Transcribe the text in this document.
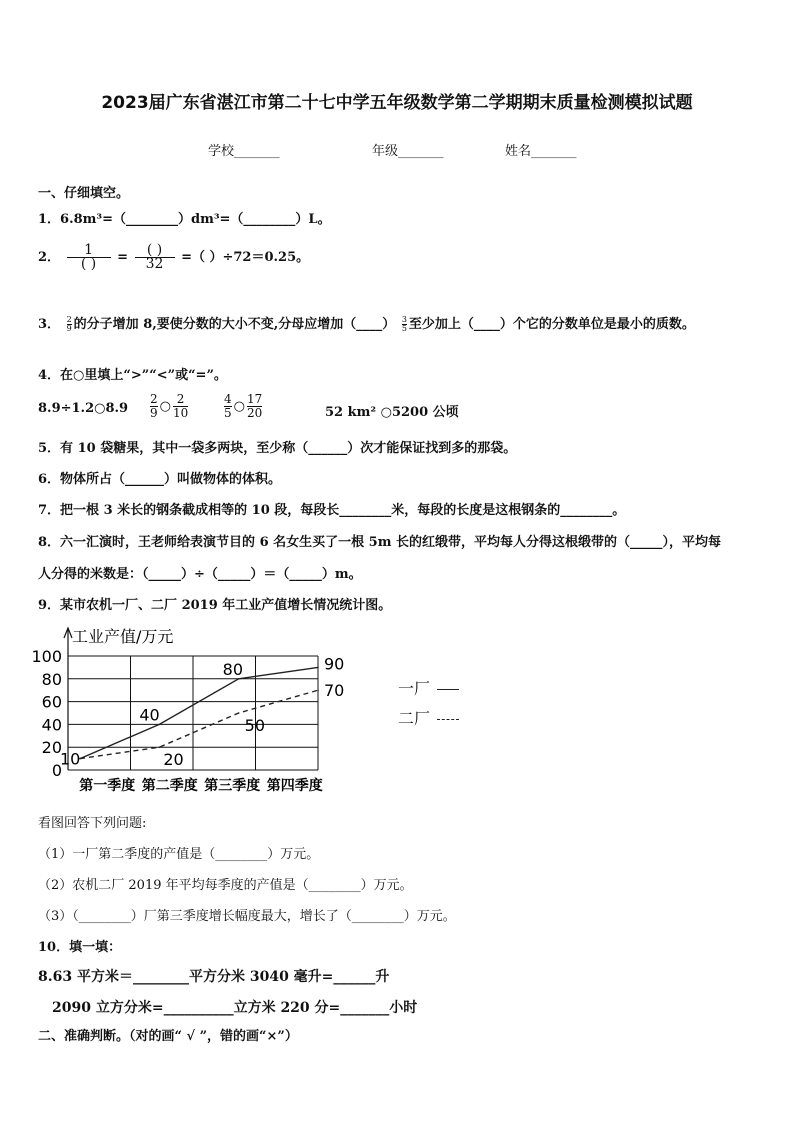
2023届广东省湛江市第二十七中学五年级数学第二学期期末质量检测模拟试题
学校_______	年级_______	姓名_______
一、仔细填空。
1．6.8m³=（________）dm³=（________）L。
2． $\frac{1}{( )} = \frac{( )}{32}$ =（ ）÷72＝0.25。
3． $\frac{2}{9}$ 的分子增加 8,要使分数的大小不变,分母应增加（____） $\frac{3}{5}$ 至少加上（____）个它的分数单位是最小的质数。
4．在○里填上“>”“<”或“=”。
8.9÷1.2○8.9 $\frac{2}{9}$ ○ $\frac{2}{10}$	$\frac{4}{5}$ ○ $\frac{17}{20}$	52 km² ○5200 公顷
5．有 10 袋糖果，其中一袋多两块，至少称（______）次才能保证找到多的那袋。
6．物体所占（______）叫做物体的体积。
7．把一根 3 米长的钢条截成相等的 10 段，每段长________米，每段的长度是这根钢条的________。
8．六一汇演时，王老师给表演节目的 6 名女生买了一根 5m 长的红缎带，平均每人分得这根缎带的（_____），平均每
人分得的米数是：（_____）÷（_____）＝（_____）m。
9．某市农机一厂、二厂 2019 年工业产值增长情况统计图。
0
20
40
60
80
100
工业产值/万元
第一季度 第二季度 第三季度 第四季度
10
40
80	90
20
50
70	一厂
二厂
看图回答下列问题:
（1）一厂第二季度的产值是（________）万元。
（2）农机二厂 2019 年平均每季度的产值是（________）万元。
（3）（________）厂第三季度增长幅度最大，增长了（________）万元。
10．填一填：
8.63 平方米＝________平方分米 3040 毫升=______升
2090 立方分米=__________立方米 220 分=_______小时
二、准确判断。（对的画“ √ ”，错的画“×”）
